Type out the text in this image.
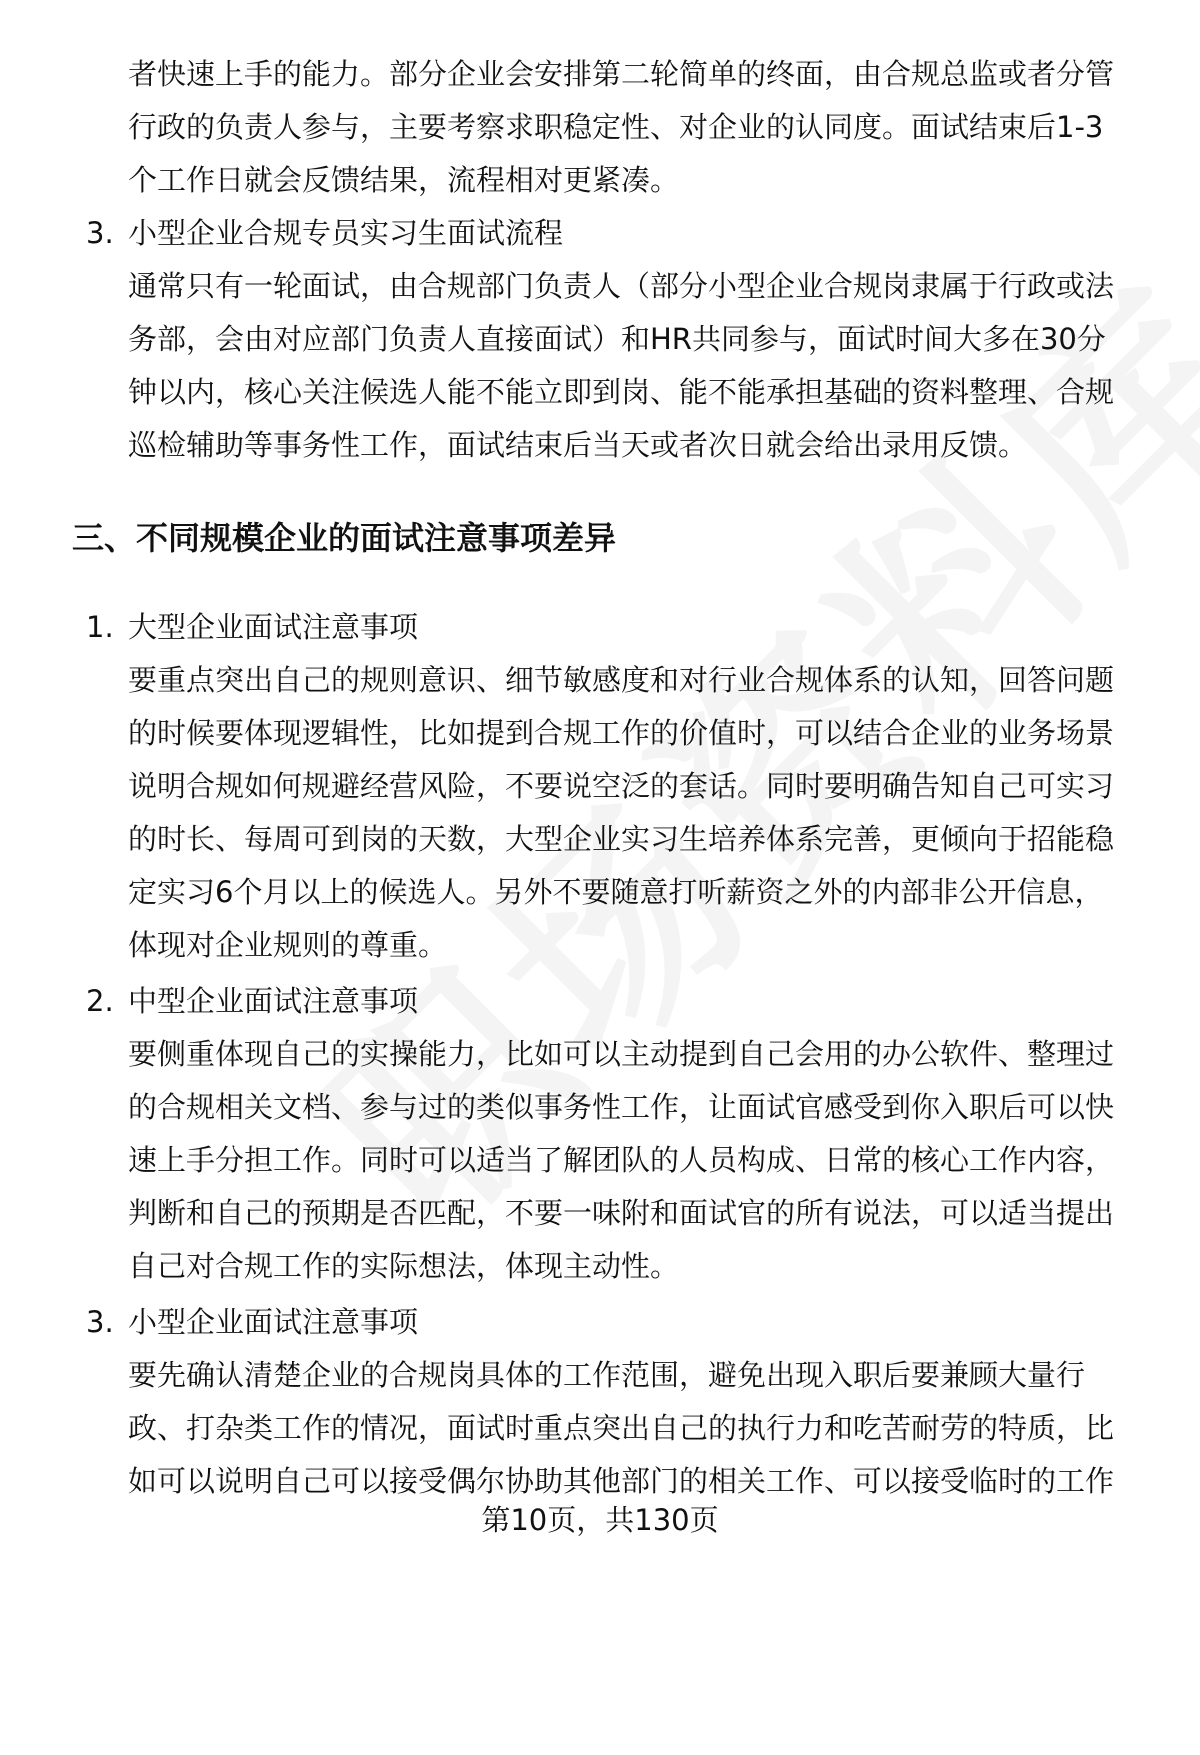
者快速上手的能力。部分企业会安排第二轮简单的终面，由合规总监或者分管
行政的负责人参与，主要考察求职稳定性、对企业的认同度。面试结束后1-3
个工作日就会反馈结果，流程相对更紧凑。
3. 小型企业合规专员实习生面试流程
通常只有一轮面试，由合规部门负责人（部分小型企业合规岗隶属于行政或法
务部，会由对应部门负责人直接面试）和HR共同参与，面试时间大多在30分
钟以内，核心关注候选人能不能立即到岗、能不能承担基础的资料整理、合规
巡检辅助等事务性工作，面试结束后当天或者次日就会给出录用反馈。
三、不同规模企业的面试注意事项差异
1. 大型企业面试注意事项
要重点突出自己的规则意识、细节敏感度和对行业合规体系的认知，回答问题
的时候要体现逻辑性，比如提到合规工作的价值时，可以结合企业的业务场景
说明合规如何规避经营风险，不要说空泛的套话。同时要明确告知自己可实习
的时长、每周可到岗的天数，大型企业实习生培养体系完善，更倾向于招能稳
定实习6个月以上的候选人。另外不要随意打听薪资之外的内部非公开信息，
体现对企业规则的尊重。
2. 中型企业面试注意事项
要侧重体现自己的实操能力，比如可以主动提到自己会用的办公软件、整理过
的合规相关文档、参与过的类似事务性工作，让面试官感受到你入职后可以快
速上手分担工作。同时可以适当了解团队的人员构成、日常的核心工作内容，
判断和自己的预期是否匹配，不要一味附和面试官的所有说法，可以适当提出
自己对合规工作的实际想法，体现主动性。
3. 小型企业面试注意事项
要先确认清楚企业的合规岗具体的工作范围，避免出现入职后要兼顾大量行
政、打杂类工作的情况，面试时重点突出自己的执行力和吃苦耐劳的特质，比
如可以说明自己可以接受偶尔协助其他部门的相关工作、可以接受临时的工作
第10页，共130页
